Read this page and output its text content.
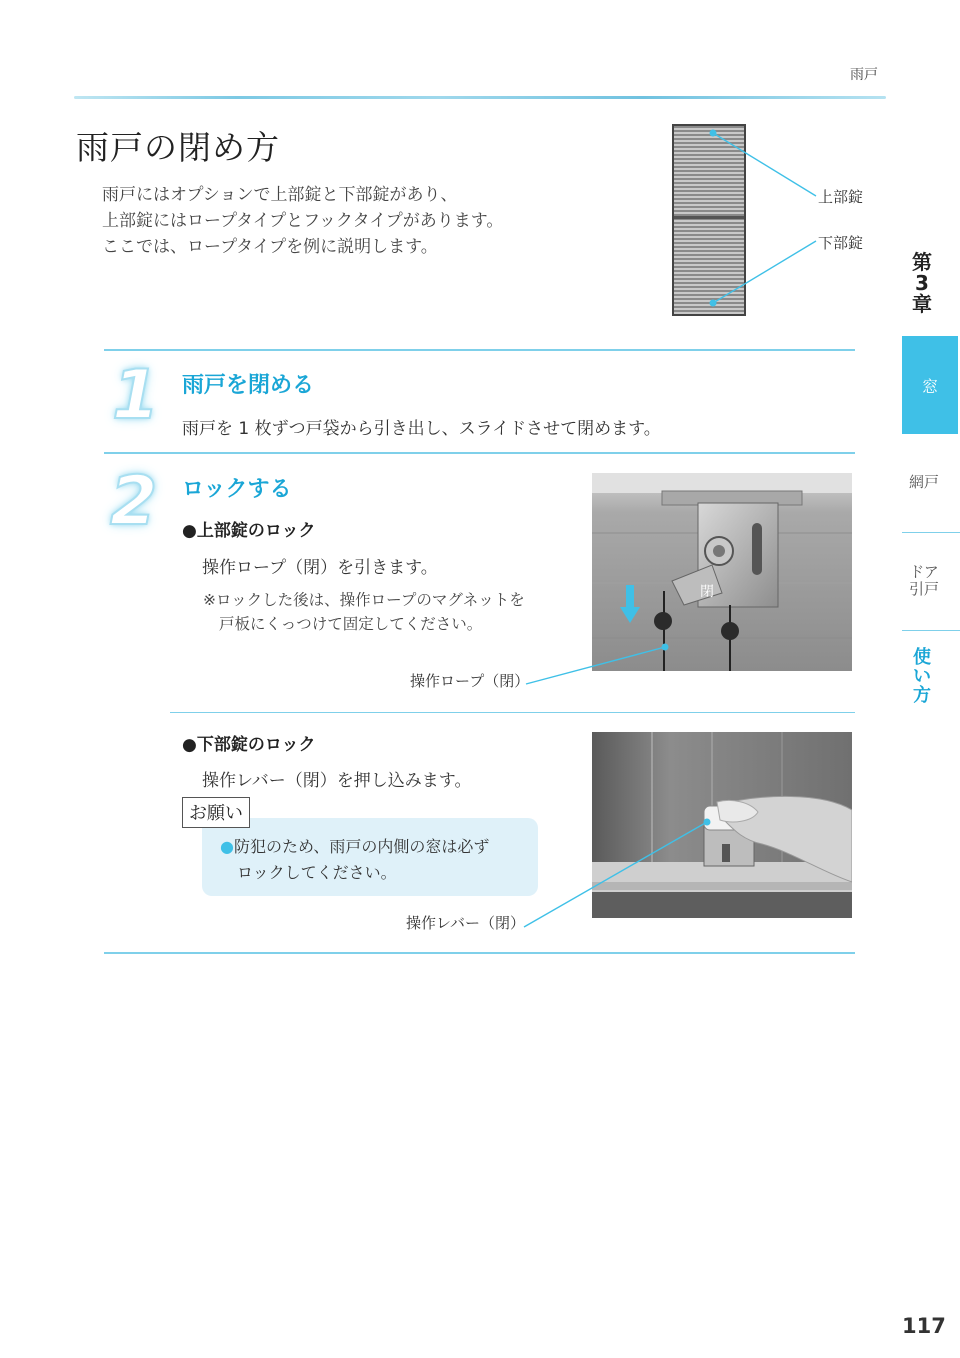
雨戸
雨戸の閉め方
雨戸にはオプションで上部錠と下部錠があり、
上部錠にはロープタイプとフックタイプがあります。
ここでは、ロープタイプを例に説明します。
上部錠
下部錠
第
3
章
窓
網戸
ドア
引戸
使
い
方
1 雨戸を閉める
雨戸を 1 枚ずつ戸袋から引き出し、スライドさせて閉めます。
2 ロックする
●上部錠のロック
操作ロープ（閉）を引きます。
※ロックした後は、操作ロープのマグネットを
戸板にくっつけて固定してください。
閉
操作ロープ（閉）
●下部錠のロック
操作レバー（閉）を押し込みます。
お願い
●防犯のため、雨戸の内側の窓は必ず
ロックしてください。
操作レバー（閉）
117
